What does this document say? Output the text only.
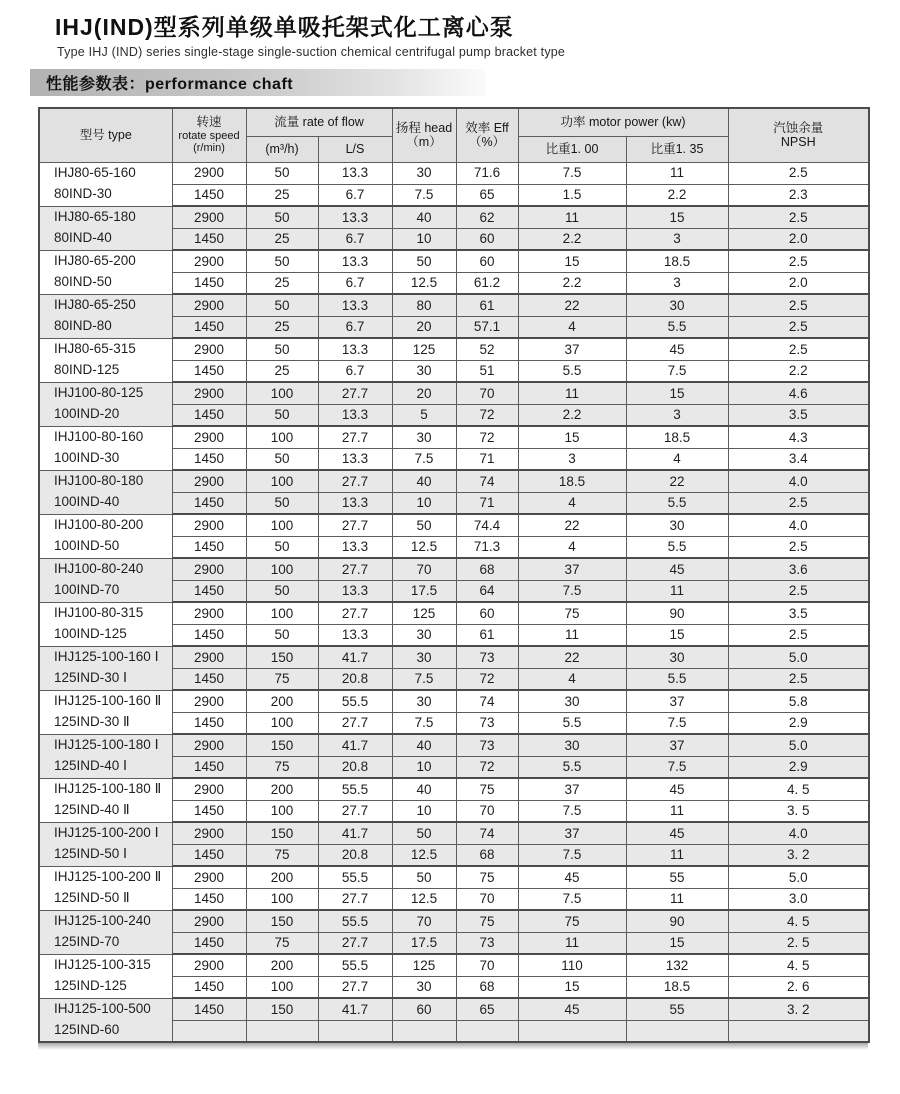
IHJ(IND)型系列单级单吸托架式化工离心泵

Type IHJ (IND) series single-stage single-suction chemical centrifugal pump bracket type

性能参数表：performance chaft
型号 type	转速
rotate speed
(r/min)	流量 rate of flow		扬程 head
（m）	效率 Eff
（%）	功率 motor power (kw)		汽蚀余量
NPSH
		(m³/h)	L/S			比重1. 00	比重1. 35	

IHJ80-65-160
80IND-30	2900	50	13.3	30	71.6	7.5	11	2.5
	1450	25	6.7	7.5	65	1.5	2.2	2.3

IHJ80-65-180
80IND-40	2900	50	13.3	40	62	11	15	2.5
	1450	25	6.7	10	60	2.2	3	2.0

IHJ80-65-200
80IND-50	2900	50	13.3	50	60	15	18.5	2.5
	1450	25	6.7	12.5	61.2	2.2	3	2.0

IHJ80-65-250
80IND-80	2900	50	13.3	80	61	22	30	2.5
	1450	25	6.7	20	57.1	4	5.5	2.5

IHJ80-65-315
80IND-125	2900	50	13.3	125	52	37	45	2.5
	1450	25	6.7	30	51	5.5	7.5	2.2

IHJ100-80-125
100IND-20	2900	100	27.7	20	70	11	15	4.6
	1450	50	13.3	5	72	2.2	3	3.5

IHJ100-80-160
100IND-30	2900	100	27.7	30	72	15	18.5	4.3
	1450	50	13.3	7.5	71	3	4	3.4

IHJ100-80-180
100IND-40	2900	100	27.7	40	74	18.5	22	4.0
	1450	50	13.3	10	71	4	5.5	2.5

IHJ100-80-200
100IND-50	2900	100	27.7	50	74.4	22	30	4.0
	1450	50	13.3	12.5	71.3	4	5.5	2.5

IHJ100-80-240
100IND-70	2900	100	27.7	70	68	37	45	3.6
	1450	50	13.3	17.5	64	7.5	11	2.5

IHJ100-80-315
100IND-125	2900	100	27.7	125	60	75	90	3.5
	1450	50	13.3	30	61	11	15	2.5

IHJ125-100-160 Ⅰ
125IND-30 Ⅰ	2900	150	41.7	30	73	22	30	5.0
	1450	75	20.8	7.5	72	4	5.5	2.5

IHJ125-100-160 Ⅱ
125IND-30 Ⅱ	2900	200	55.5	30	74	30	37	5.8
	1450	100	27.7	7.5	73	5.5	7.5	2.9

IHJ125-100-180 Ⅰ
125IND-40 Ⅰ	2900	150	41.7	40	73	30	37	5.0
	1450	75	20.8	10	72	5.5	7.5	2.9

IHJ125-100-180 Ⅱ
125IND-40 Ⅱ	2900	200	55.5	40	75	37	45	4. 5
	1450	100	27.7	10	70	7.5	11	3. 5

IHJ125-100-200 Ⅰ
125IND-50 Ⅰ	2900	150	41.7	50	74	37	45	4.0
	1450	75	20.8	12.5	68	7.5	11	3. 2

IHJ125-100-200 Ⅱ
125IND-50 Ⅱ	2900	200	55.5	50	75	45	55	5.0
	1450	100	27.7	12.5	70	7.5	11	3.0

IHJ125-100-240
125IND-70	2900	150	55.5	70	75	75	90	4. 5
	1450	75	27.7	17.5	73	11	15	2. 5

IHJ125-100-315
125IND-125	2900	200	55.5	125	70	110	132	4. 5
	1450	100	27.7	30	68	15	18.5	2. 6

IHJ125-100-500
125IND-60	1450	150	41.7	60	65	45	55	3. 2
